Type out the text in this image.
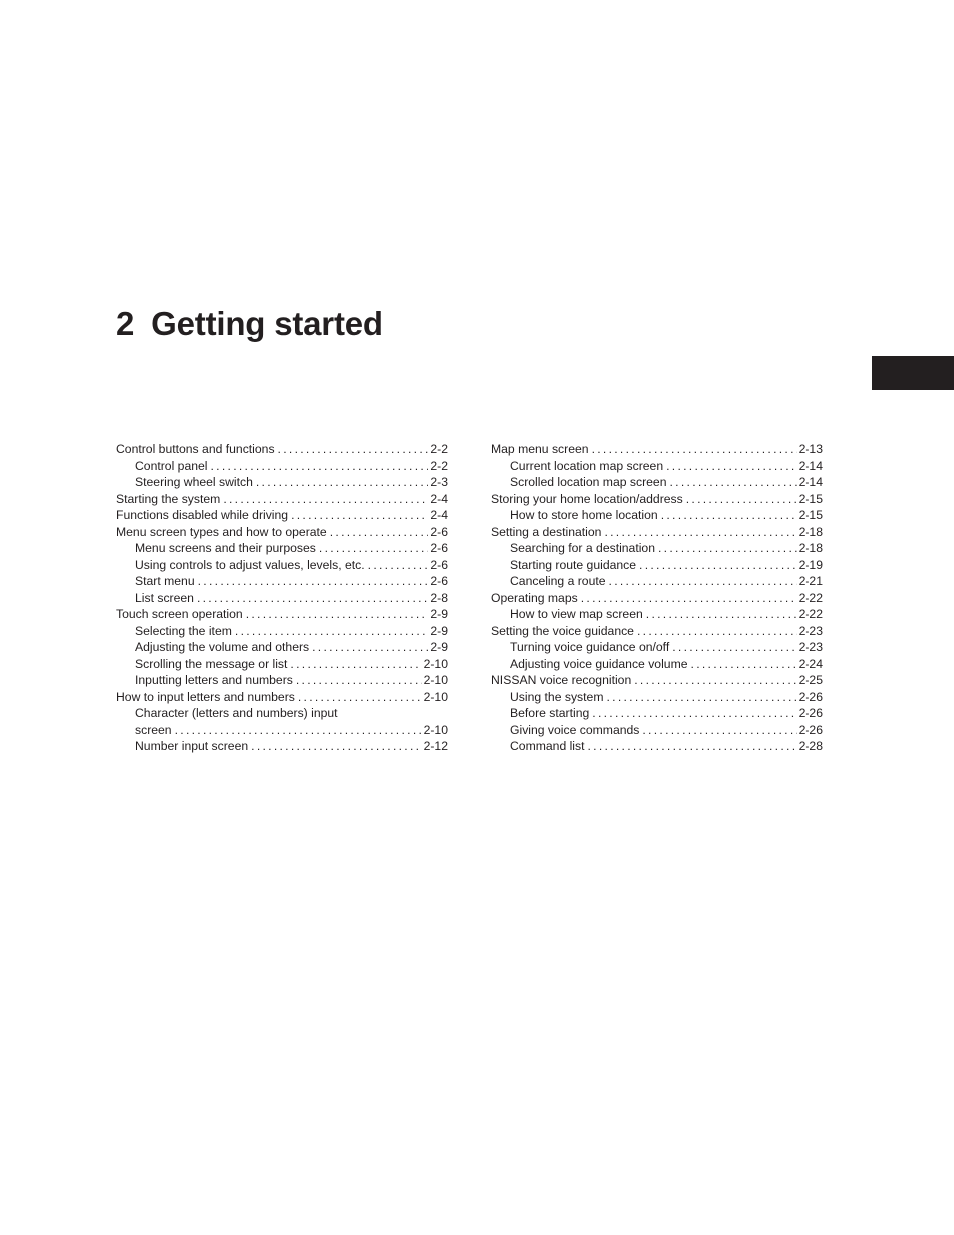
2 Getting started
Control buttons and functions . . .	2-2
Control panel . . .	2-2
Steering wheel switch . . .	2-3
Starting the system . . .	2-4
Functions disabled while driving . . .	2-4
Menu screen types and how to operate . . .	2-6
Menu screens and their purposes . . .	2-6
Using controls to adjust values, levels, etc. . . .	2-6
Start menu . . .	2-6
List screen . . .	2-8
Touch screen operation . . .	2-9
Selecting the item . . .	2-9
Adjusting the volume and others . . .	2-9
Scrolling the message or list . . .	2-10
Inputting letters and numbers . . .	2-10
How to input letters and numbers . . .	2-10
Character (letters and numbers) input
screen . . .	2-10
Number input screen . . .	2-12
Map menu screen . . .	2-13
Current location map screen . . .	2-14
Scrolled location map screen . . .	2-14
Storing your home location/address . . .	2-15
How to store home location . . .	2-15
Setting a destination . . .	2-18
Searching for a destination . . .	2-18
Starting route guidance . . .	2-19
Canceling a route . . .	2-21
Operating maps . . .	2-22
How to view map screen . . .	2-22
Setting the voice guidance . . .	2-23
Turning voice guidance on/off . . .	2-23
Adjusting voice guidance volume . . .	2-24
NISSAN voice recognition . . .	2-25
Using the system . . .	2-26
Before starting . . .	2-26
Giving voice commands . . .	2-26
Command list . . .	2-28
